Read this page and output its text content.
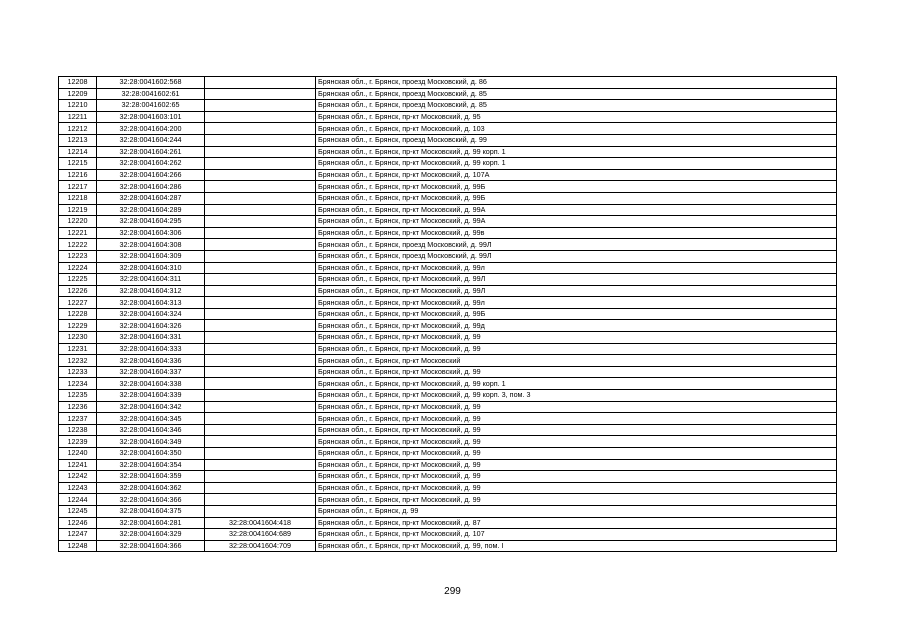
12208	32:28:0041602:568		Брянская обл., г. Брянск, проезд Московский, д. 86
12209	32:28:0041602:61		Брянская обл., г. Брянск, проезд Московский, д. 85
12210	32:28:0041602:65		Брянская обл., г. Брянск, проезд Московский, д. 85
12211	32:28:0041603:101		Брянская обл., г. Брянск, пр-кт Московский, д. 95
12212	32:28:0041604:200		Брянская обл., г. Брянск, пр-кт Московский, д. 103
12213	32:28:0041604:244		Брянская обл., г. Брянск, проезд Московский, д. 99
12214	32:28:0041604:261		Брянская обл., г. Брянск, пр-кт Московский, д. 99 корп. 1
12215	32:28:0041604:262		Брянская обл., г. Брянск, пр-кт Московский, д. 99 корп. 1
12216	32:28:0041604:266		Брянская обл., г. Брянск, пр-кт Московский, д. 107А
12217	32:28:0041604:286		Брянская обл., г. Брянск, пр-кт Московский, д. 99Б
12218	32:28:0041604:287		Брянская обл., г. Брянск, пр-кт Московский, д. 99Б
12219	32:28:0041604:289		Брянская обл., г. Брянск, пр-кт Московский, д. 99А
12220	32:28:0041604:295		Брянская обл., г. Брянск, пр-кт Московский, д. 99А
12221	32:28:0041604:306		Брянская обл., г. Брянск, пр-кт Московский, д. 99в
12222	32:28:0041604:308		Брянская обл., г. Брянск, проезд Московский, д. 99Л
12223	32:28:0041604:309		Брянская обл., г. Брянск, проезд Московский, д. 99Л
12224	32:28:0041604:310		Брянская обл., г. Брянск, пр-кт Московский, д. 99л
12225	32:28:0041604:311		Брянская обл., г. Брянск, пр-кт Московский, д. 99Л
12226	32:28:0041604:312		Брянская обл., г. Брянск, пр-кт Московский, д. 99Л
12227	32:28:0041604:313		Брянская обл., г. Брянск, пр-кт Московский, д. 99л
12228	32:28:0041604:324		Брянская обл., г. Брянск, пр-кт Московский, д. 99Б
12229	32:28:0041604:326		Брянская обл., г. Брянск, пр-кт Московский, д. 99д
12230	32:28:0041604:331		Брянская обл., г. Брянск, пр-кт Московский, д. 99
12231	32:28:0041604:333		Брянская обл., г. Брянск, пр-кт Московский, д. 99
12232	32:28:0041604:336		Брянская обл., г. Брянск, пр-кт Московский
12233	32:28:0041604:337		Брянская обл., г. Брянск, пр-кт Московский, д. 99
12234	32:28:0041604:338		Брянская обл., г. Брянск, пр-кт Московский, д. 99 корп. 1
12235	32:28:0041604:339		Брянская обл., г. Брянск, пр-кт Московский, д. 99 корп. 3, пом. 3
12236	32:28:0041604:342		Брянская обл., г. Брянск, пр-кт Московский, д. 99
12237	32:28:0041604:345		Брянская обл., г. Брянск, пр-кт Московский, д. 99
12238	32:28:0041604:346		Брянская обл., г. Брянск, пр-кт Московский, д. 99
12239	32:28:0041604:349		Брянская обл., г. Брянск, пр-кт Московский, д. 99
12240	32:28:0041604:350		Брянская обл., г. Брянск, пр-кт Московский, д. 99
12241	32:28:0041604:354		Брянская обл., г. Брянск, пр-кт Московский, д. 99
12242	32:28:0041604:359		Брянская обл., г. Брянск, пр-кт Московский, д. 99
12243	32:28:0041604:362		Брянская обл., г. Брянск, пр-кт Московский, д. 99
12244	32:28:0041604:366		Брянская обл., г. Брянск, пр-кт Московский, д. 99
12245	32:28:0041604:375		Брянская обл., г. Брянск, д. 99
12246	32:28:0041604:281	32:28:0041604:418	Брянская обл., г. Брянск, пр-кт Московский, д. 87
12247	32:28:0041604:329	32:28:0041604:689	Брянская обл., г. Брянск, пр-кт Московский, д. 107
12248	32:28:0041604:366	32:28:0041604:709	Брянская обл., г. Брянск, пр-кт Московский, д. 99, пом. I
299
